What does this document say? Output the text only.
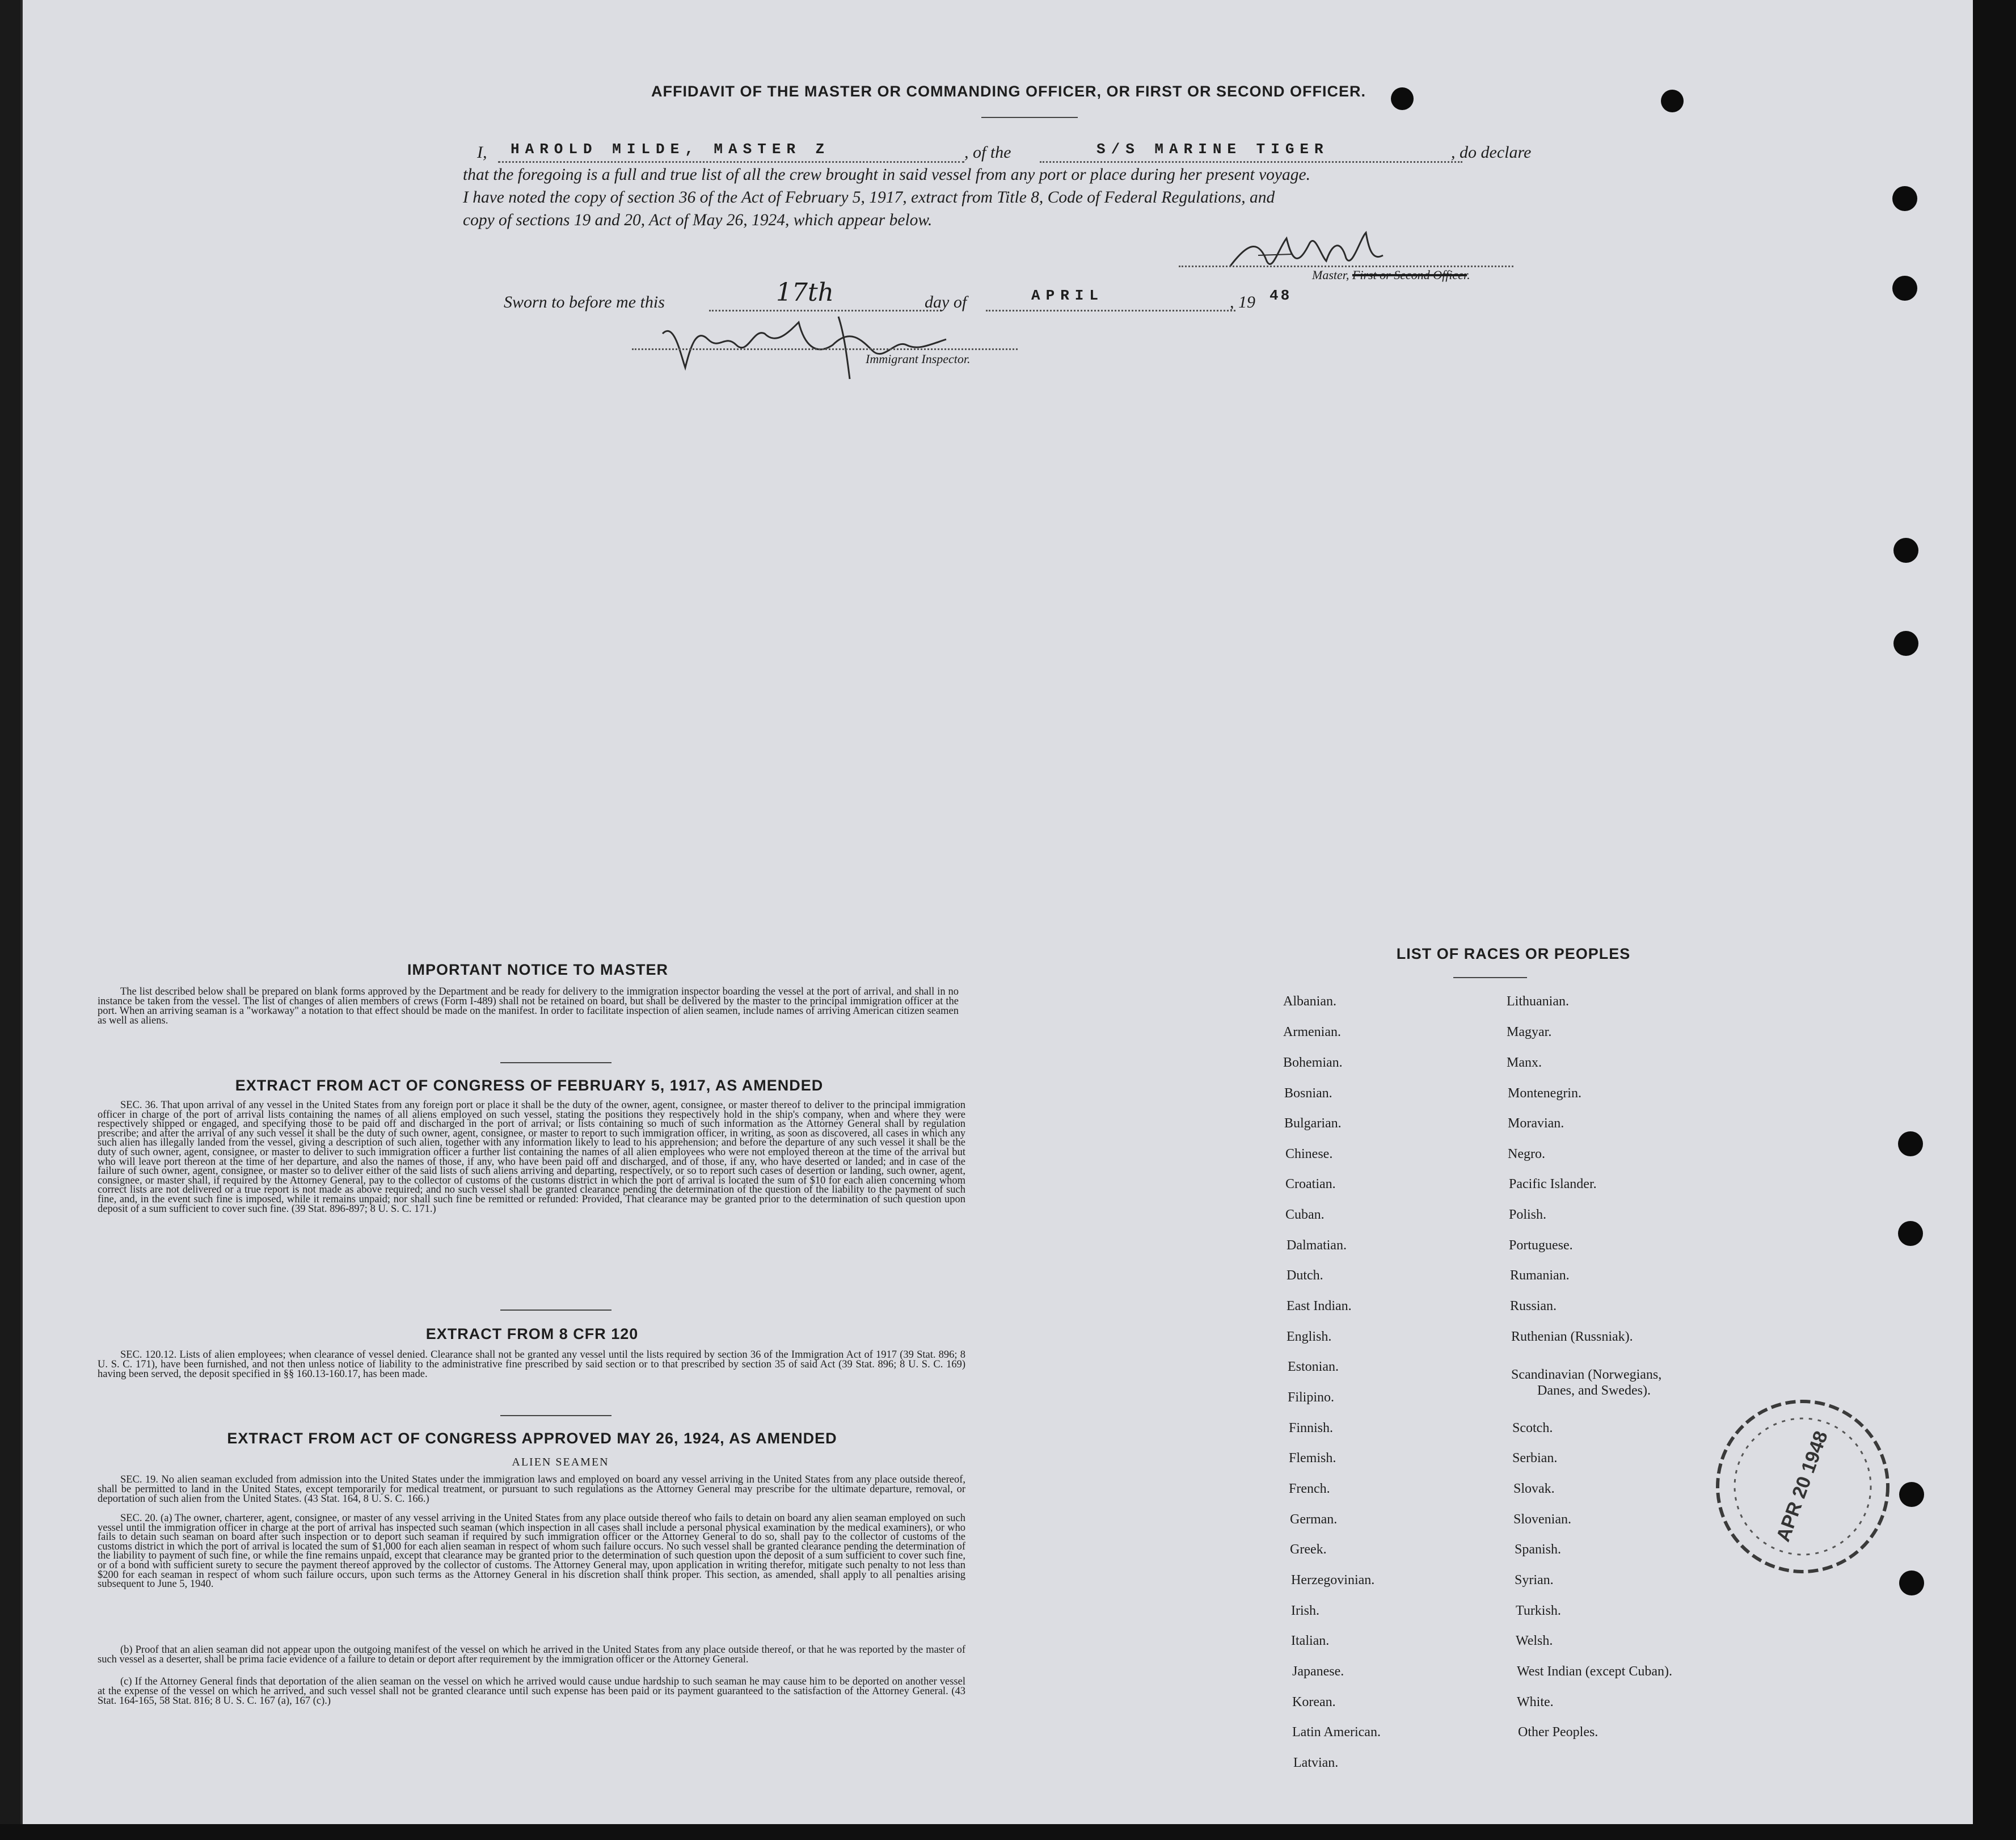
AFFIDAVIT OF THE MASTER OR COMMANDING OFFICER, OR FIRST OR SECOND OFFICER.
I, HAROLD MILDE, MASTER Z	, of the	S/S MARINE TIGER	, do declare
that the foregoing is a full and true list of all the crew brought in said vessel from any port or place during her present voyage.
I have noted the copy of section 36 of the Act of February 5, 1917, extract from Title 8, Code of Federal Regulations, and
copy of sections 19 and 20, Act of May 26, 1924, which appear below.
Master, First or Second Officer.
Sworn to before me this	17th	day of	APRIL	, 19 48
Immigrant Inspector.
IMPORTANT NOTICE TO MASTER
The list described below shall be prepared on blank forms approved by the Department and be ready for delivery to the immigration inspector boarding the vessel at the port of arrival, and shall in no instance be taken from the vessel. The list of changes of alien members of crews (Form I-489) shall not be retained on board, but shall be delivered by the master to the principal immigration officer at the port. When an arriving seaman is a "workaway" a notation to that effect should be made on the manifest. In order to facilitate inspection of alien seamen, include names of arriving American citizen seamen as well as aliens.
EXTRACT FROM ACT OF CONGRESS OF FEBRUARY 5, 1917, AS AMENDED
SEC. 36. That upon arrival of any vessel in the United States from any foreign port or place it shall be the duty of the owner, agent, consignee, or master thereof to deliver to the principal immigration officer in charge of the port of arrival lists containing the names of all aliens employed on such vessel, stating the positions they respectively hold in the ship's company, when and where they were respectively shipped or engaged, and specifying those to be paid off and discharged in the port of arrival; or lists containing so much of such information as the Attorney General shall by regulation prescribe; and after the arrival of any such vessel it shall be the duty of such owner, agent, consignee, or master to report to such immigration officer, in writing, as soon as discovered, all cases in which any such alien has illegally landed from the vessel, giving a description of such alien, together with any information likely to lead to his apprehension; and before the departure of any such vessel it shall be the duty of such owner, agent, consignee, or master to deliver to such immigration officer a further list containing the names of all alien employees who were not employed thereon at the time of the arrival but who will leave port thereon at the time of her departure, and also the names of those, if any, who have been paid off and discharged, and of those, if any, who have deserted or landed; and in case of the failure of such owner, agent, consignee, or master so to deliver either of the said lists of such aliens arriving and departing, respectively, or so to report such cases of desertion or landing, such owner, agent, consignee, or master shall, if required by the Attorney General, pay to the collector of customs of the customs district in which the port of arrival is located the sum of $10 for each alien concerning whom correct lists are not delivered or a true report is not made as above required; and no such vessel shall be granted clearance pending the determination of the question of the liability to the payment of such fine, and, in the event such fine is imposed, while it remains unpaid; nor shall such fine be remitted or refunded: Provided, That clearance may be granted prior to the determination of such question upon deposit of a sum sufficient to cover such fine. (39 Stat. 896-897; 8 U. S. C. 171.)
EXTRACT FROM 8 CFR 120
SEC. 120.12. Lists of alien employees; when clearance of vessel denied. Clearance shall not be granted any vessel until the lists required by section 36 of the Immigration Act of 1917 (39 Stat. 896; 8 U. S. C. 171), have been furnished, and not then unless notice of liability to the administrative fine prescribed by said section or to that prescribed by section 35 of said Act (39 Stat. 896; 8 U. S. C. 169) having been served, the deposit specified in §§ 160.13-160.17, has been made.
EXTRACT FROM ACT OF CONGRESS APPROVED MAY 26, 1924, AS AMENDED
ALIEN SEAMEN
SEC. 19. No alien seaman excluded from admission into the United States under the immigration laws and employed on board any vessel arriving in the United States from any place outside thereof, shall be permitted to land in the United States, except temporarily for medical treatment, or pursuant to such regulations as the Attorney General may prescribe for the ultimate departure, removal, or deportation of such alien from the United States. (43 Stat. 164, 8 U. S. C. 166.)
SEC. 20. (a) The owner, charterer, agent, consignee, or master of any vessel arriving in the United States from any place outside thereof who fails to detain on board any alien seaman employed on such vessel until the immigration officer in charge at the port of arrival has inspected such seaman (which inspection in all cases shall include a personal physical examination by the medical examiners), or who fails to detain such seaman on board after such inspection or to deport such seaman if required by such immigration officer or the Attorney General to do so, shall pay to the collector of customs of the customs district in which the port of arrival is located the sum of $1,000 for each alien seaman in respect of whom such failure occurs. No such vessel shall be granted clearance pending the determination of the liability to payment of such fine, or while the fine remains unpaid, except that clearance may be granted prior to the determination of such question upon the deposit of a sum sufficient to cover such fine, or of a bond with sufficient surety to secure the payment thereof approved by the collector of customs. The Attorney General may, upon application in writing therefor, mitigate such penalty to not less than $200 for each seaman in respect of whom such failure occurs, upon such terms as the Attorney General in his discretion shall think proper. This section, as amended, shall apply to all penalties arising subsequent to June 5, 1940.
(b) Proof that an alien seaman did not appear upon the outgoing manifest of the vessel on which he arrived in the United States from any place outside thereof, or that he was reported by the master of such vessel as a deserter, shall be prima facie evidence of a failure to detain or deport after requirement by the immigration officer or the Attorney General.
(c) If the Attorney General finds that deportation of the alien seaman on the vessel on which he arrived would cause undue hardship to such seaman he may cause him to be deported on another vessel at the expense of the vessel on which he arrived, and such vessel shall not be granted clearance until such expense has been paid or its payment guaranteed to the satisfaction of the Attorney General. (43 Stat. 164-165, 58 Stat. 816; 8 U. S. C. 167 (a), 167 (c).)
LIST OF RACES OR PEOPLES
Albanian.
Armenian.
Bohemian.
Bosnian.
Bulgarian.
Chinese.
Croatian.
Cuban.
Dalmatian.
Dutch.
East Indian.
English.
Estonian.
Filipino.
Finnish.
Flemish.
French.
German.
Greek.
Herzegovinian.
Irish.
Italian.
Japanese.
Korean.
Latin American.
Latvian.
Lithuanian.
Magyar.
Manx.
Montenegrin.
Moravian.
Negro.
Pacific Islander.
Polish.
Portuguese.
Rumanian.
Russian.
Ruthenian (Russniak).
Scandinavian (Norwegians,
Danes, and Swedes).
Scotch.
Serbian.
Slovak.
Slovenian.
Spanish.
Syrian.
Turkish.
Welsh.
West Indian (except Cuban).
White.
Other Peoples.
APR 20 1948
